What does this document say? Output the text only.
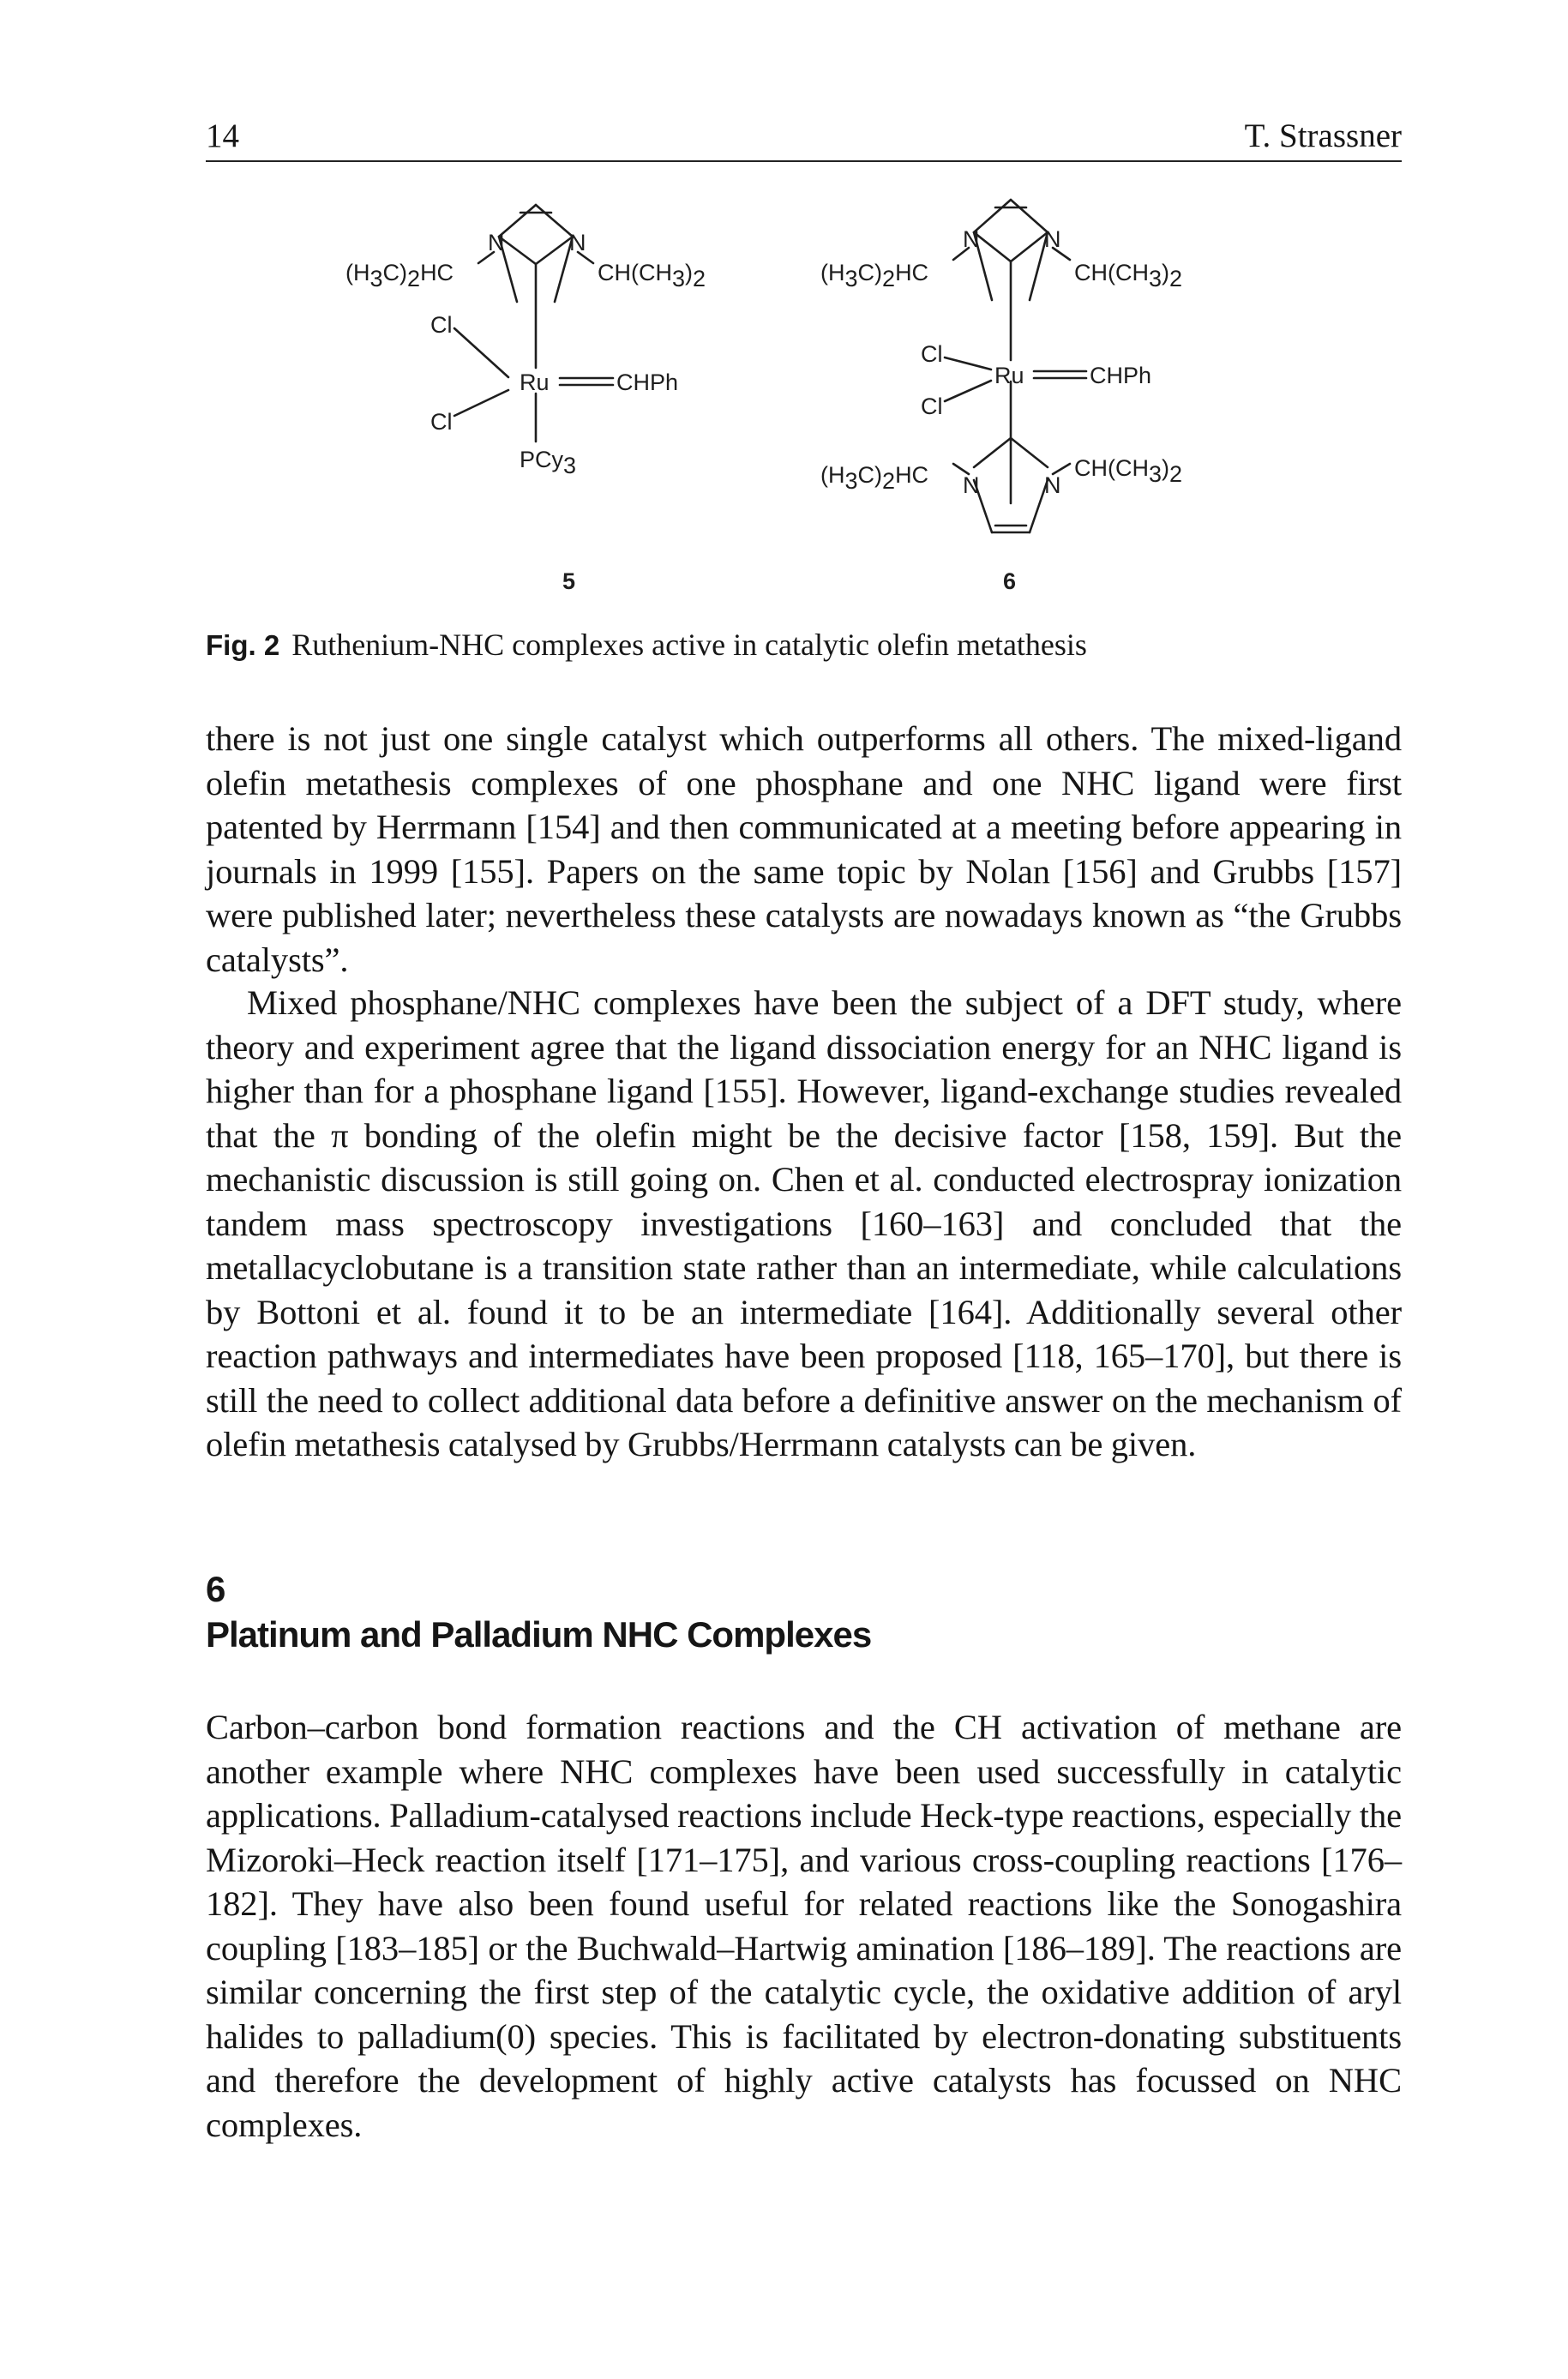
14	T. Strassner
(H3C)2HC
N	N
CH(CH3)2
Cl
Cl
Ru	CHPh
PCy3
5
(H3C)2HC
N	N
CH(CH3)2
Cl
Cl
Ru	CHPh
(H3C)2HC N	N
CH(CH3)2
6
Fig. 2 Ruthenium-NHC complexes active in catalytic olefin metathesis

there is not just one single catalyst which outperforms all others. The mixed-ligand olefin metathesis complexes of one phosphane and one NHC ligand were first patented by Herrmann [154] and then communicated at a meeting before appearing in journals in 1999 [155]. Papers on the same topic by Nolan [156] and Grubbs [157] were published later; nevertheless these catalysts are nowadays known as “the Grubbs catalysts”.

Mixed phosphane/NHC complexes have been the subject of a DFT study, where theory and experiment agree that the ligand dissociation energy for an NHC ligand is higher than for a phosphane ligand [155]. However, ligand-exchange studies revealed that the π bonding of the olefin might be the decisive factor [158, 159]. But the mechanistic discussion is still going on. Chen et al. conducted electrospray ionization tandem mass spectroscopy investigations [160–163] and concluded that the metallacyclobutane is a transition state rather than an intermediate, while calculations by Bottoni et al. found it to be an intermediate [164]. Additionally several other reaction pathways and intermediates have been proposed [118, 165–170], but there is still the need to collect additional data before a definitive answer on the mechanism of olefin metathesis catalysed by Grubbs/Herrmann catalysts can be given.

6
Platinum and Palladium NHC Complexes

Carbon–carbon bond formation reactions and the CH activation of methane are another example where NHC complexes have been used successfully in catalytic applications. Palladium-catalysed reactions include Heck-type reactions, especially the Mizoroki–Heck reaction itself [171–175], and various cross-coupling reactions [176–182]. They have also been found useful for related reactions like the Sonogashira coupling [183–185] or the Buchwald–Hartwig amination [186–189]. The reactions are similar concerning the first step of the catalytic cycle, the oxidative addition of aryl halides to palladium(0) species. This is facilitated by electron-donating substituents and therefore the development of highly active catalysts has focussed on NHC complexes.
